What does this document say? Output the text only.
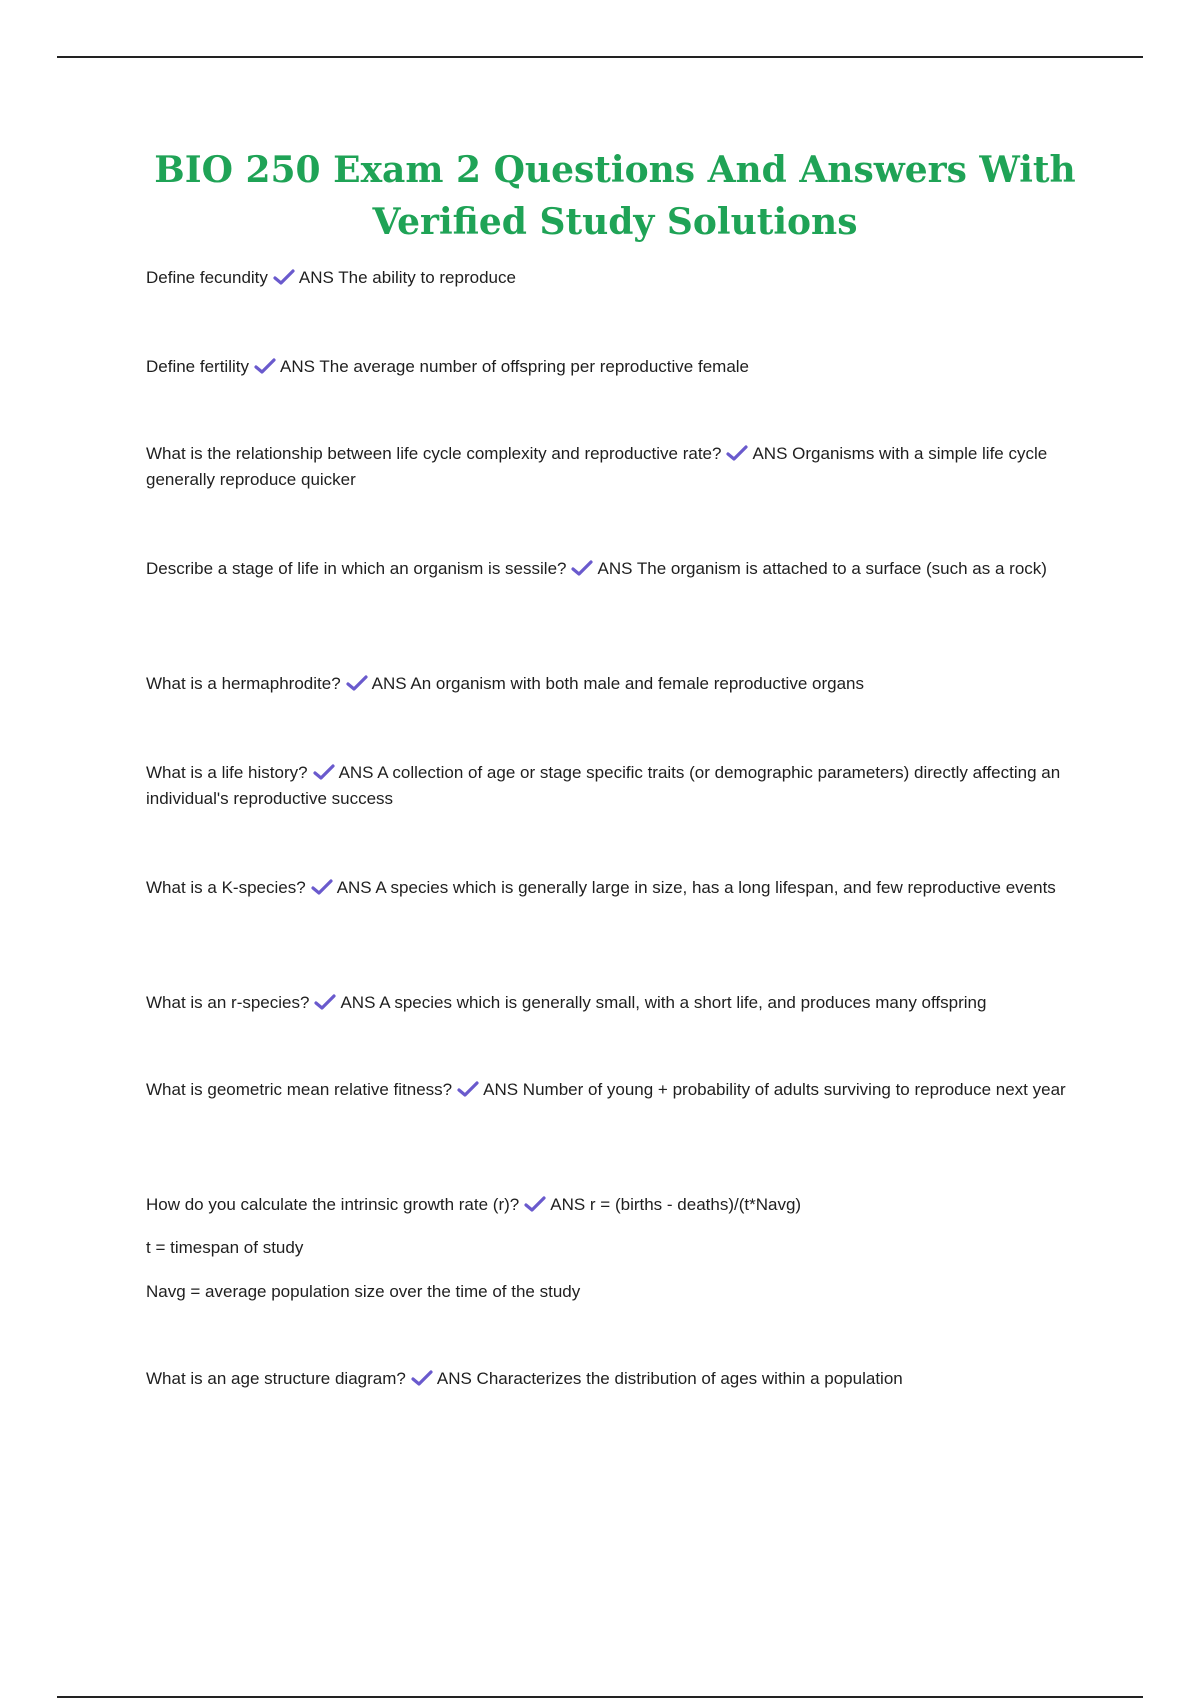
BIO 250 Exam 2 Questions And Answers With Verified Study Solutions

Define fecundity ANS The ability to reproduce

Define fertility ANS The average number of offspring per reproductive female

What is the relationship between life cycle complexity and reproductive rate? ANS Organisms with a simple life cycle generally reproduce quicker

Describe a stage of life in which an organism is sessile? ANS The organism is attached to a surface (such as a rock)

What is a hermaphrodite? ANS An organism with both male and female reproductive organs

What is a life history? ANS A collection of age or stage specific traits (or demographic parameters) directly affecting an individual's reproductive success

What is a K-species? ANS A species which is generally large in size, has a long lifespan, and few reproductive events

What is an r-species? ANS A species which is generally small, with a short life, and produces many offspring

What is geometric mean relative fitness? ANS Number of young + probability of adults surviving to reproduce next year

How do you calculate the intrinsic growth rate (r)? ANS r = (births - deaths)/(t*Navg)

t = timespan of study

Navg = average population size over the time of the study

What is an age structure diagram? ANS Characterizes the distribution of ages within a population
